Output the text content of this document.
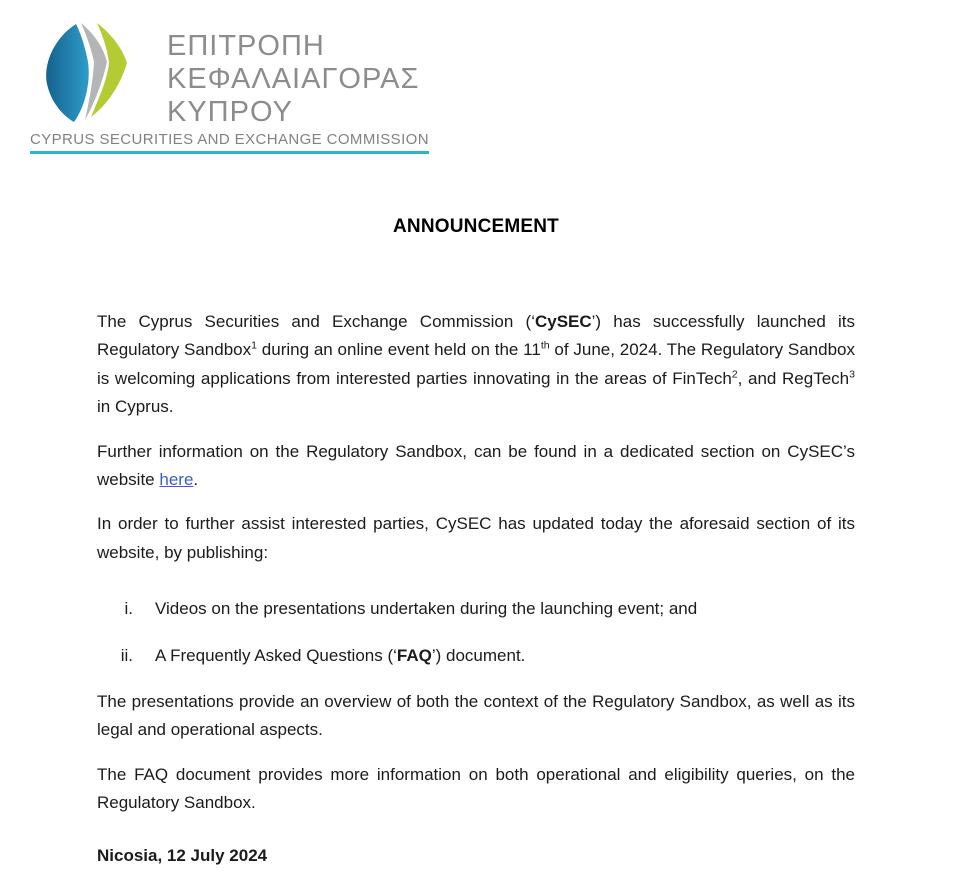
ΕΠΙΤΡΟΠΗ
ΚΕΦΑΛΑΙΑΓΟΡΑΣ
ΚΥΠΡΟΥ
CYPRUS SECURITIES AND EXCHANGE COMMISSION
ANNOUNCEMENT

The Cyprus Securities and Exchange Commission (‘CySEC’) has successfully launched its Regulatory Sandbox$^1$ during an online event held on the 11th of June, 2024. The Regulatory Sandbox is welcoming applications from interested parties innovating in the areas of FinTech$^2$, and RegTech$^3$ in Cyprus.

Further information on the Regulatory Sandbox, can be found in a dedicated section on CySEC’s website here.

In order to further assist interested parties, CySEC has updated today the aforesaid section of its website, by publishing:

i. Videos on the presentations undertaken during the launching event; and
ii. A Frequently Asked Questions (‘FAQ’) document.

The presentations provide an overview of both the context of the Regulatory Sandbox, as well as its legal and operational aspects.

The FAQ document provides more information on both operational and eligibility queries, on the Regulatory Sandbox.

Nicosia, 12 July 2024
